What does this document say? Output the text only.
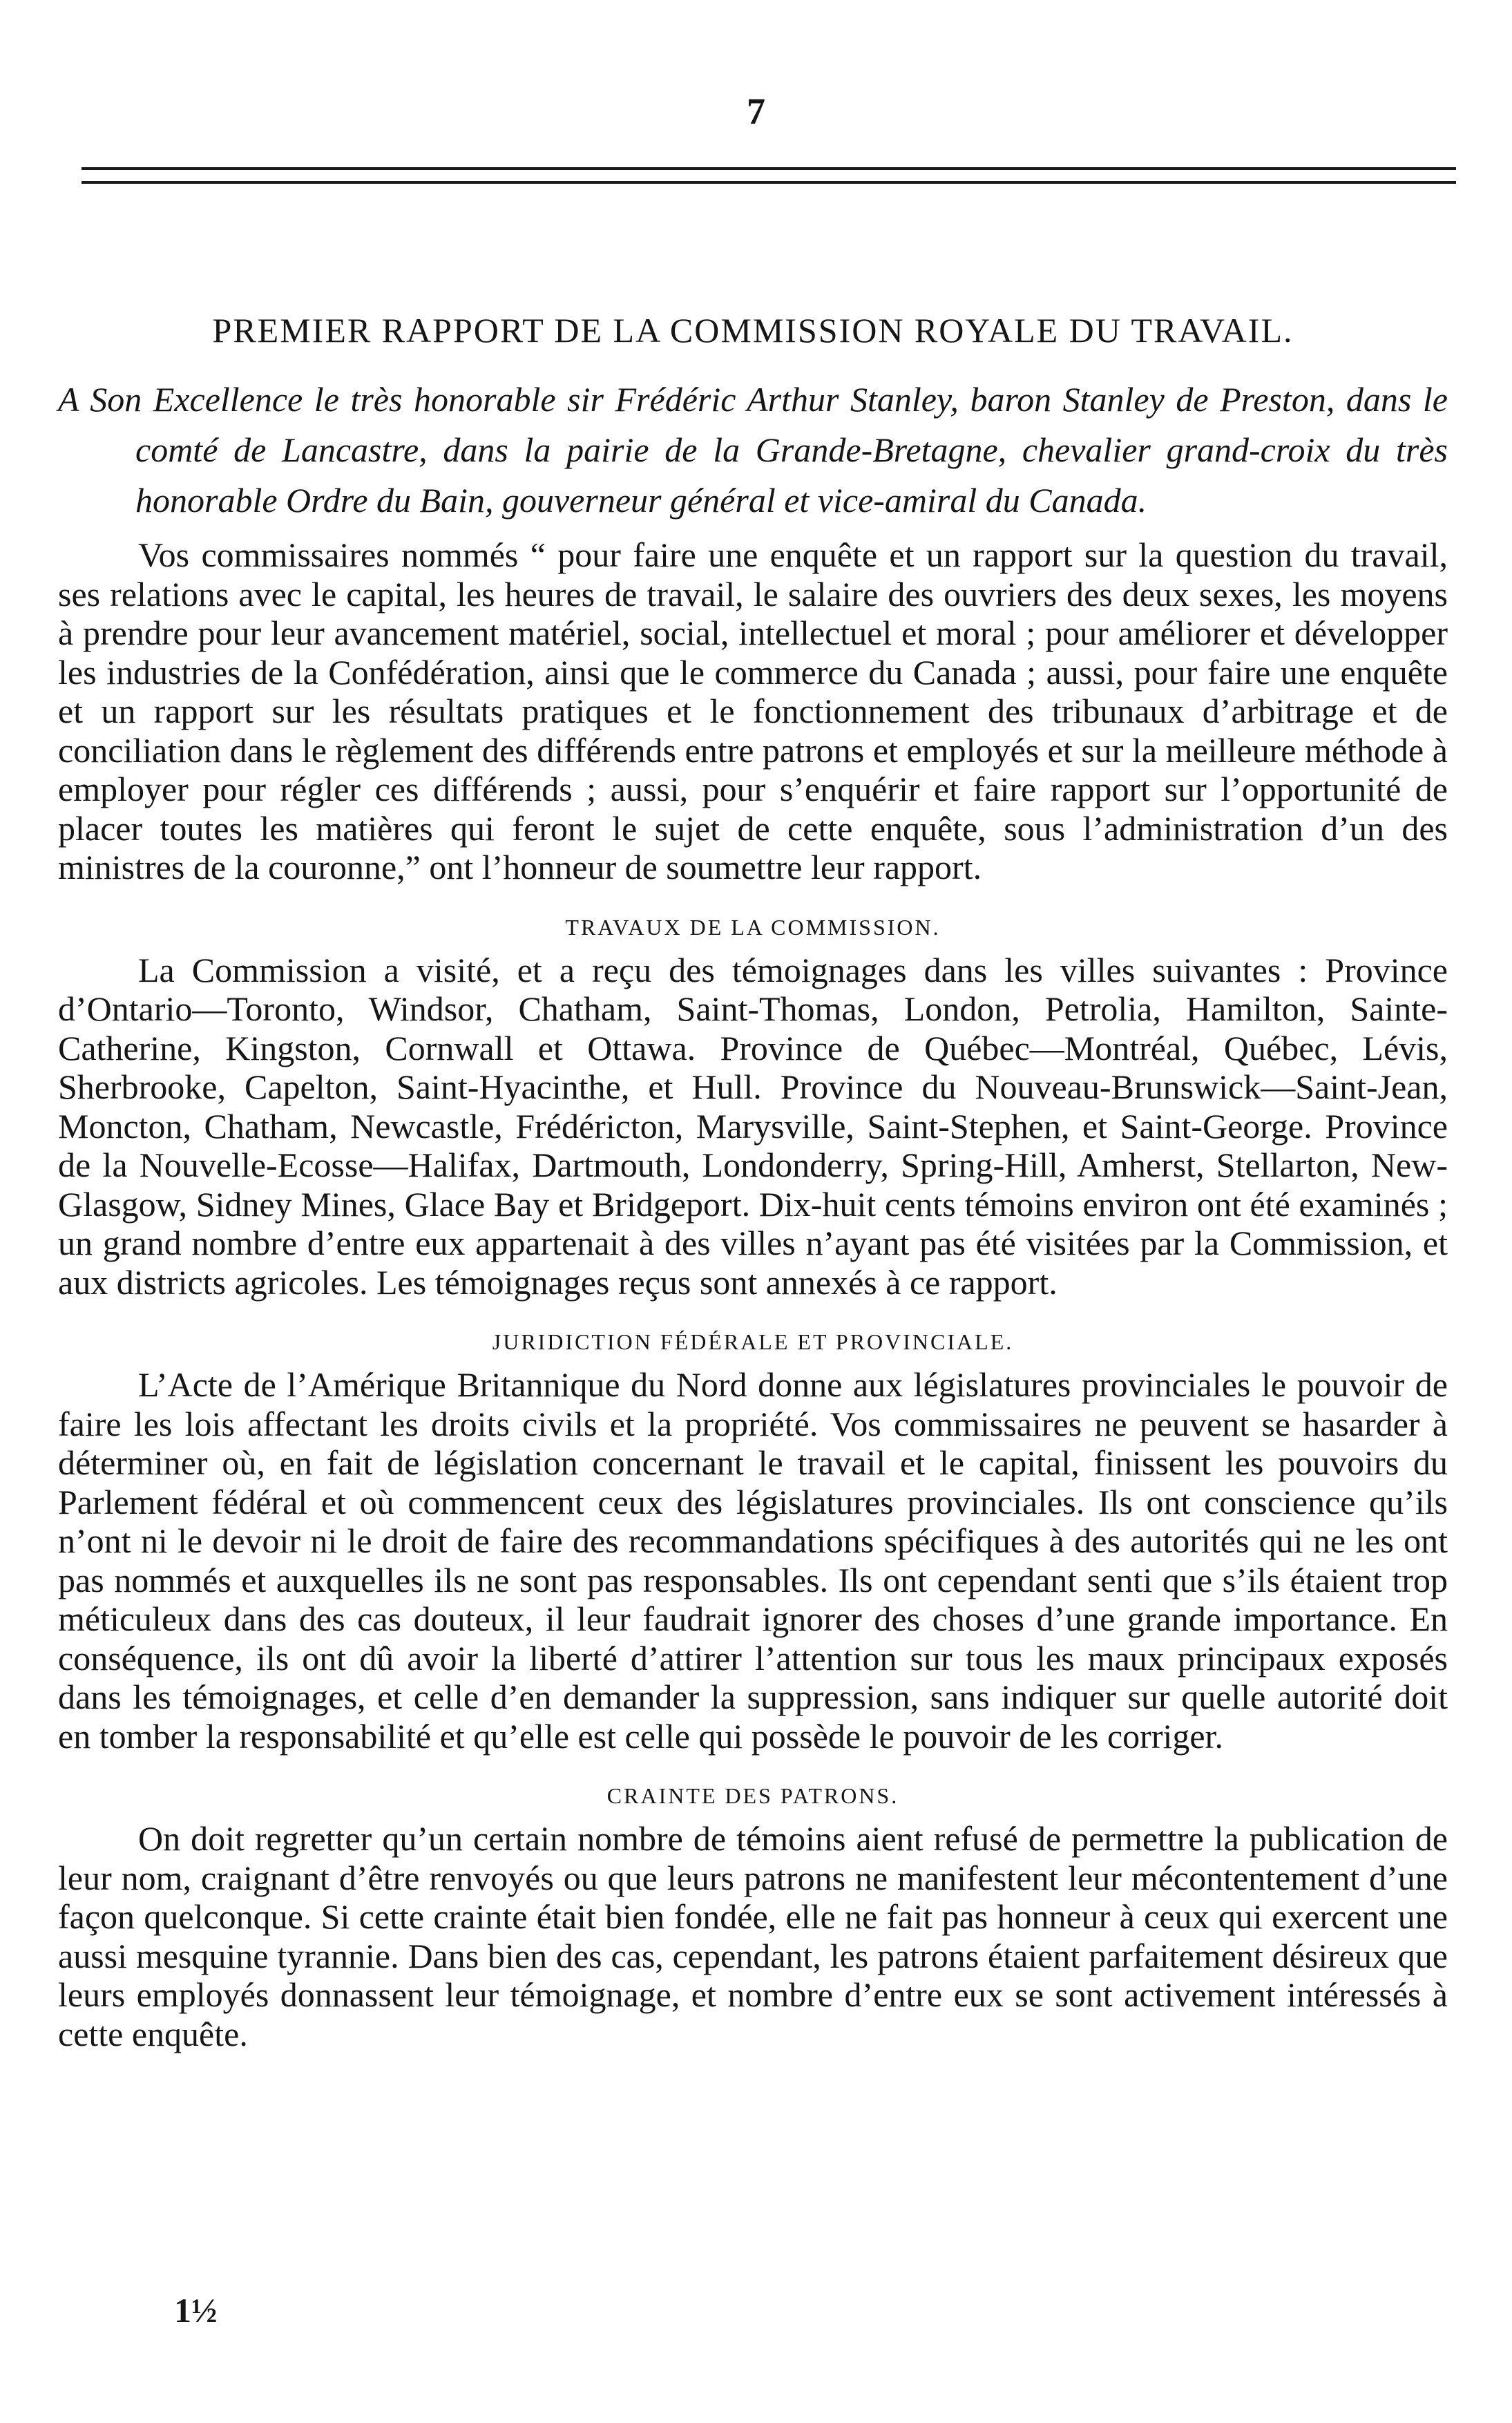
7
PREMIER RAPPORT DE LA COMMISSION ROYALE DU TRAVAIL.

A Son Excellence le très honorable sir Frédéric Arthur Stanley, baron Stanley de Preston, dans le comté de Lancastre, dans la pairie de la Grande-Bretagne, chevalier grand-croix du très honorable Ordre du Bain, gouverneur général et vice-amiral du Canada.

Vos commissaires nommés “ pour faire une enquête et un rapport sur la question du travail, ses relations avec le capital, les heures de travail, le salaire des ouvriers des deux sexes, les moyens à prendre pour leur avancement matériel, social, intellectuel et moral ; pour améliorer et développer les industries de la Confédération, ainsi que le commerce du Canada ; aussi, pour faire une enquête et un rapport sur les résultats pratiques et le fonctionnement des tribunaux d’arbitrage et de conciliation dans le règlement des différends entre patrons et employés et sur la meilleure méthode à employer pour régler ces différends ; aussi, pour s’enquérir et faire rapport sur l’opportunité de placer toutes les matières qui feront le sujet de cette enquête, sous l’administration d’un des ministres de la couronne,” ont l’honneur de soumettre leur rapport.

TRAVAUX DE LA COMMISSION.

La Commission a visité, et a reçu des témoignages dans les villes suivantes : Province d’Ontario—Toronto, Windsor, Chatham, Saint-Thomas, London, Petrolia, Hamilton, Sainte-Catherine, Kingston, Cornwall et Ottawa. Province de Québec—Montréal, Québec, Lévis, Sherbrooke, Capelton, Saint-Hyacinthe, et Hull. Province du Nouveau-Brunswick—Saint-Jean, Moncton, Chatham, Newcastle, Frédéricton, Marysville, Saint-Stephen, et Saint-George. Province de la Nouvelle-Ecosse—Halifax, Dartmouth, Londonderry, Spring-Hill, Amherst, Stellarton, New-Glasgow, Sidney Mines, Glace Bay et Bridgeport. Dix-huit cents témoins environ ont été examinés ; un grand nombre d’entre eux appartenait à des villes n’ayant pas été visitées par la Commission, et aux districts agricoles. Les témoignages reçus sont annexés à ce rapport.

JURIDICTION FÉDÉRALE ET PROVINCIALE.

L’Acte de l’Amérique Britannique du Nord donne aux législatures provinciales le pouvoir de faire les lois affectant les droits civils et la propriété. Vos commissaires ne peuvent se hasarder à déterminer où, en fait de législation concernant le travail et le capital, finissent les pouvoirs du Parlement fédéral et où commencent ceux des législatures provinciales. Ils ont conscience qu’ils n’ont ni le devoir ni le droit de faire des recommandations spécifiques à des autorités qui ne les ont pas nommés et auxquelles ils ne sont pas responsables. Ils ont cependant senti que s’ils étaient trop méticuleux dans des cas douteux, il leur faudrait ignorer des choses d’une grande importance. En conséquence, ils ont dû avoir la liberté d’attirer l’attention sur tous les maux principaux exposés dans les témoignages, et celle d’en demander la suppression, sans indiquer sur quelle autorité doit en tomber la responsabilité et qu’elle est celle qui possède le pouvoir de les corriger.

CRAINTE DES PATRONS.

On doit regretter qu’un certain nombre de témoins aient refusé de permettre la publication de leur nom, craignant d’être renvoyés ou que leurs patrons ne manifestent leur mécontentement d’une façon quelconque. Si cette crainte était bien fondée, elle ne fait pas honneur à ceux qui exercent une aussi mesquine tyrannie. Dans bien des cas, cependant, les patrons étaient parfaitement désireux que leurs employés donnassent leur témoignage, et nombre d’entre eux se sont activement intéressés à cette enquête.

1½
